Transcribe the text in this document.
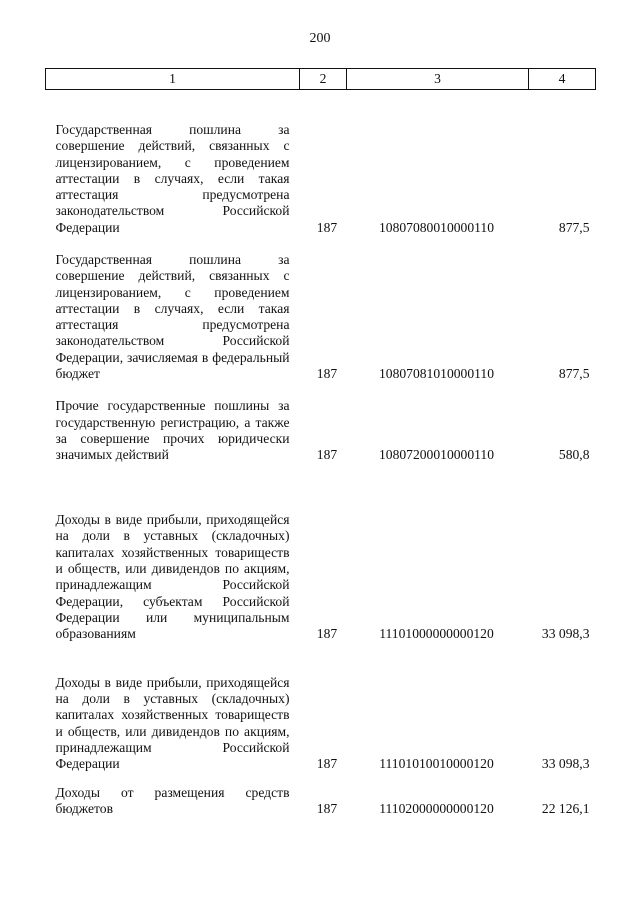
200
1	2	3	4
Государственная пошлина за совершение действий, связанных с лицензированием, с проведением аттестации в случаях, если такая аттестация предусмотрена законодательством Российской Федерации	187	10807080010000110	877,5
Государственная пошлина за совершение действий, связанных с лицензированием, с проведением аттестации в случаях, если такая аттестация предусмотрена законодательством Российской Федерации, зачисляемая в федеральный бюджет	187	10807081010000110	877,5
Прочие государственные пошлины за государственную регистрацию, а также за совершение прочих юридически значимых действий	187	10807200010000110	580,8
Доходы в виде прибыли, приходящейся на доли в уставных (складочных) капиталах хозяйственных товариществ и обществ, или дивидендов по акциям, принадлежащим Российской Федерации, субъектам Российской Федерации или муниципальным образованиям	187	11101000000000120	33 098,3
Доходы в виде прибыли, приходящейся на доли в уставных (складочных) капиталах хозяйственных товариществ и обществ, или дивидендов по акциям, принадлежащим Российской Федерации	187	11101010010000120	33 098,3
Доходы от размещения средств бюджетов	187	11102000000000120	22 126,1
